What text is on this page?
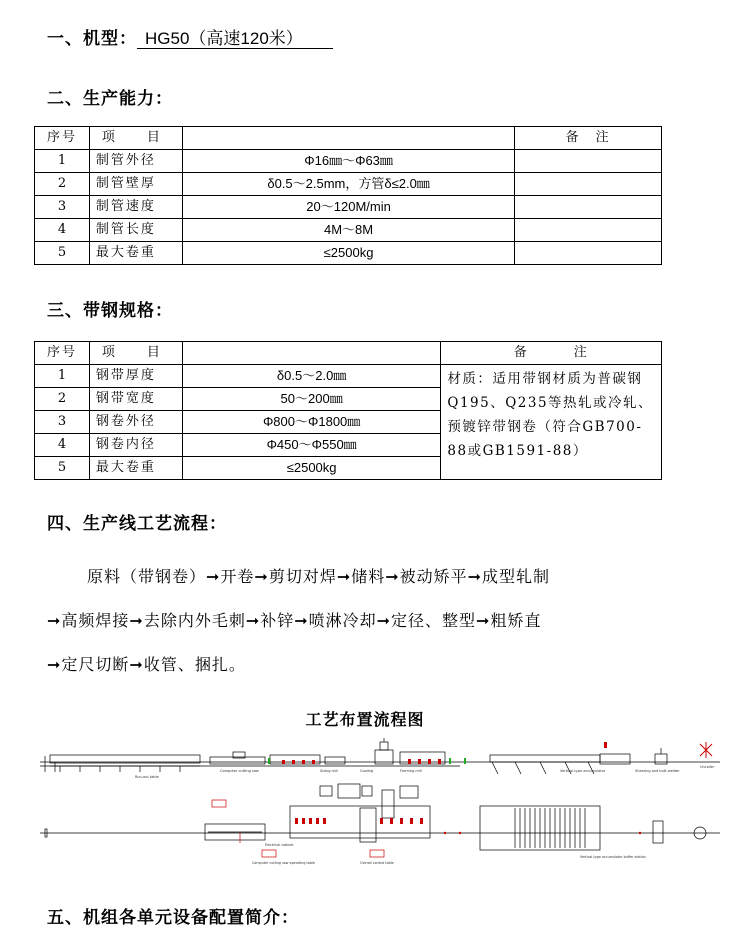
一、机型： HG50（高速120米）
二、生产能力：
序号	项　　目		备　注
1	制管外径	Φ16㎜～Φ63㎜	
2	制管壁厚	δ0.5～2.5mm，方管δ≤2.0㎜	
3	制管速度	20～120M/min	
4	制管长度	4M～8M	
5	最大卷重	≤2500kg	
三、带钢规格：
序号	项　　目		备　　　注
1	钢带厚度	δ0.5～2.0㎜	材质：适用带钢材质为普碳钢Q195、Q235等热轧或冷轧、预镀锌带钢卷（符合GB700-88或GB1591-88）
2	钢带宽度	50～200㎜	
3	钢卷外径	Φ800～Φ1800㎜	
4	钢卷内径	Φ450～Φ550㎜	
5	最大卷重	≤2500kg	
四、生产线工艺流程：
原料（带钢卷）➞开卷➞剪切对焊➞储料➞被动矫平➞成型轧制
➞高频焊接➞去除内外毛刺➞补锌➞喷淋冷却➞定径、整型➞粗矫直
➞定尺切断➞收管、捆扎。
工艺布置流程图
Run-out table
Computer cutting saw	Sizing mill	Cooling	Forming mill	Vertical-type accumulator	Shearing and butt-welder
Uncoiler
Computer cutting saw operating table	Overall control table
Electrical cabinet
Vertical-type accumulator buffer station
五、机组各单元设备配置简介：
